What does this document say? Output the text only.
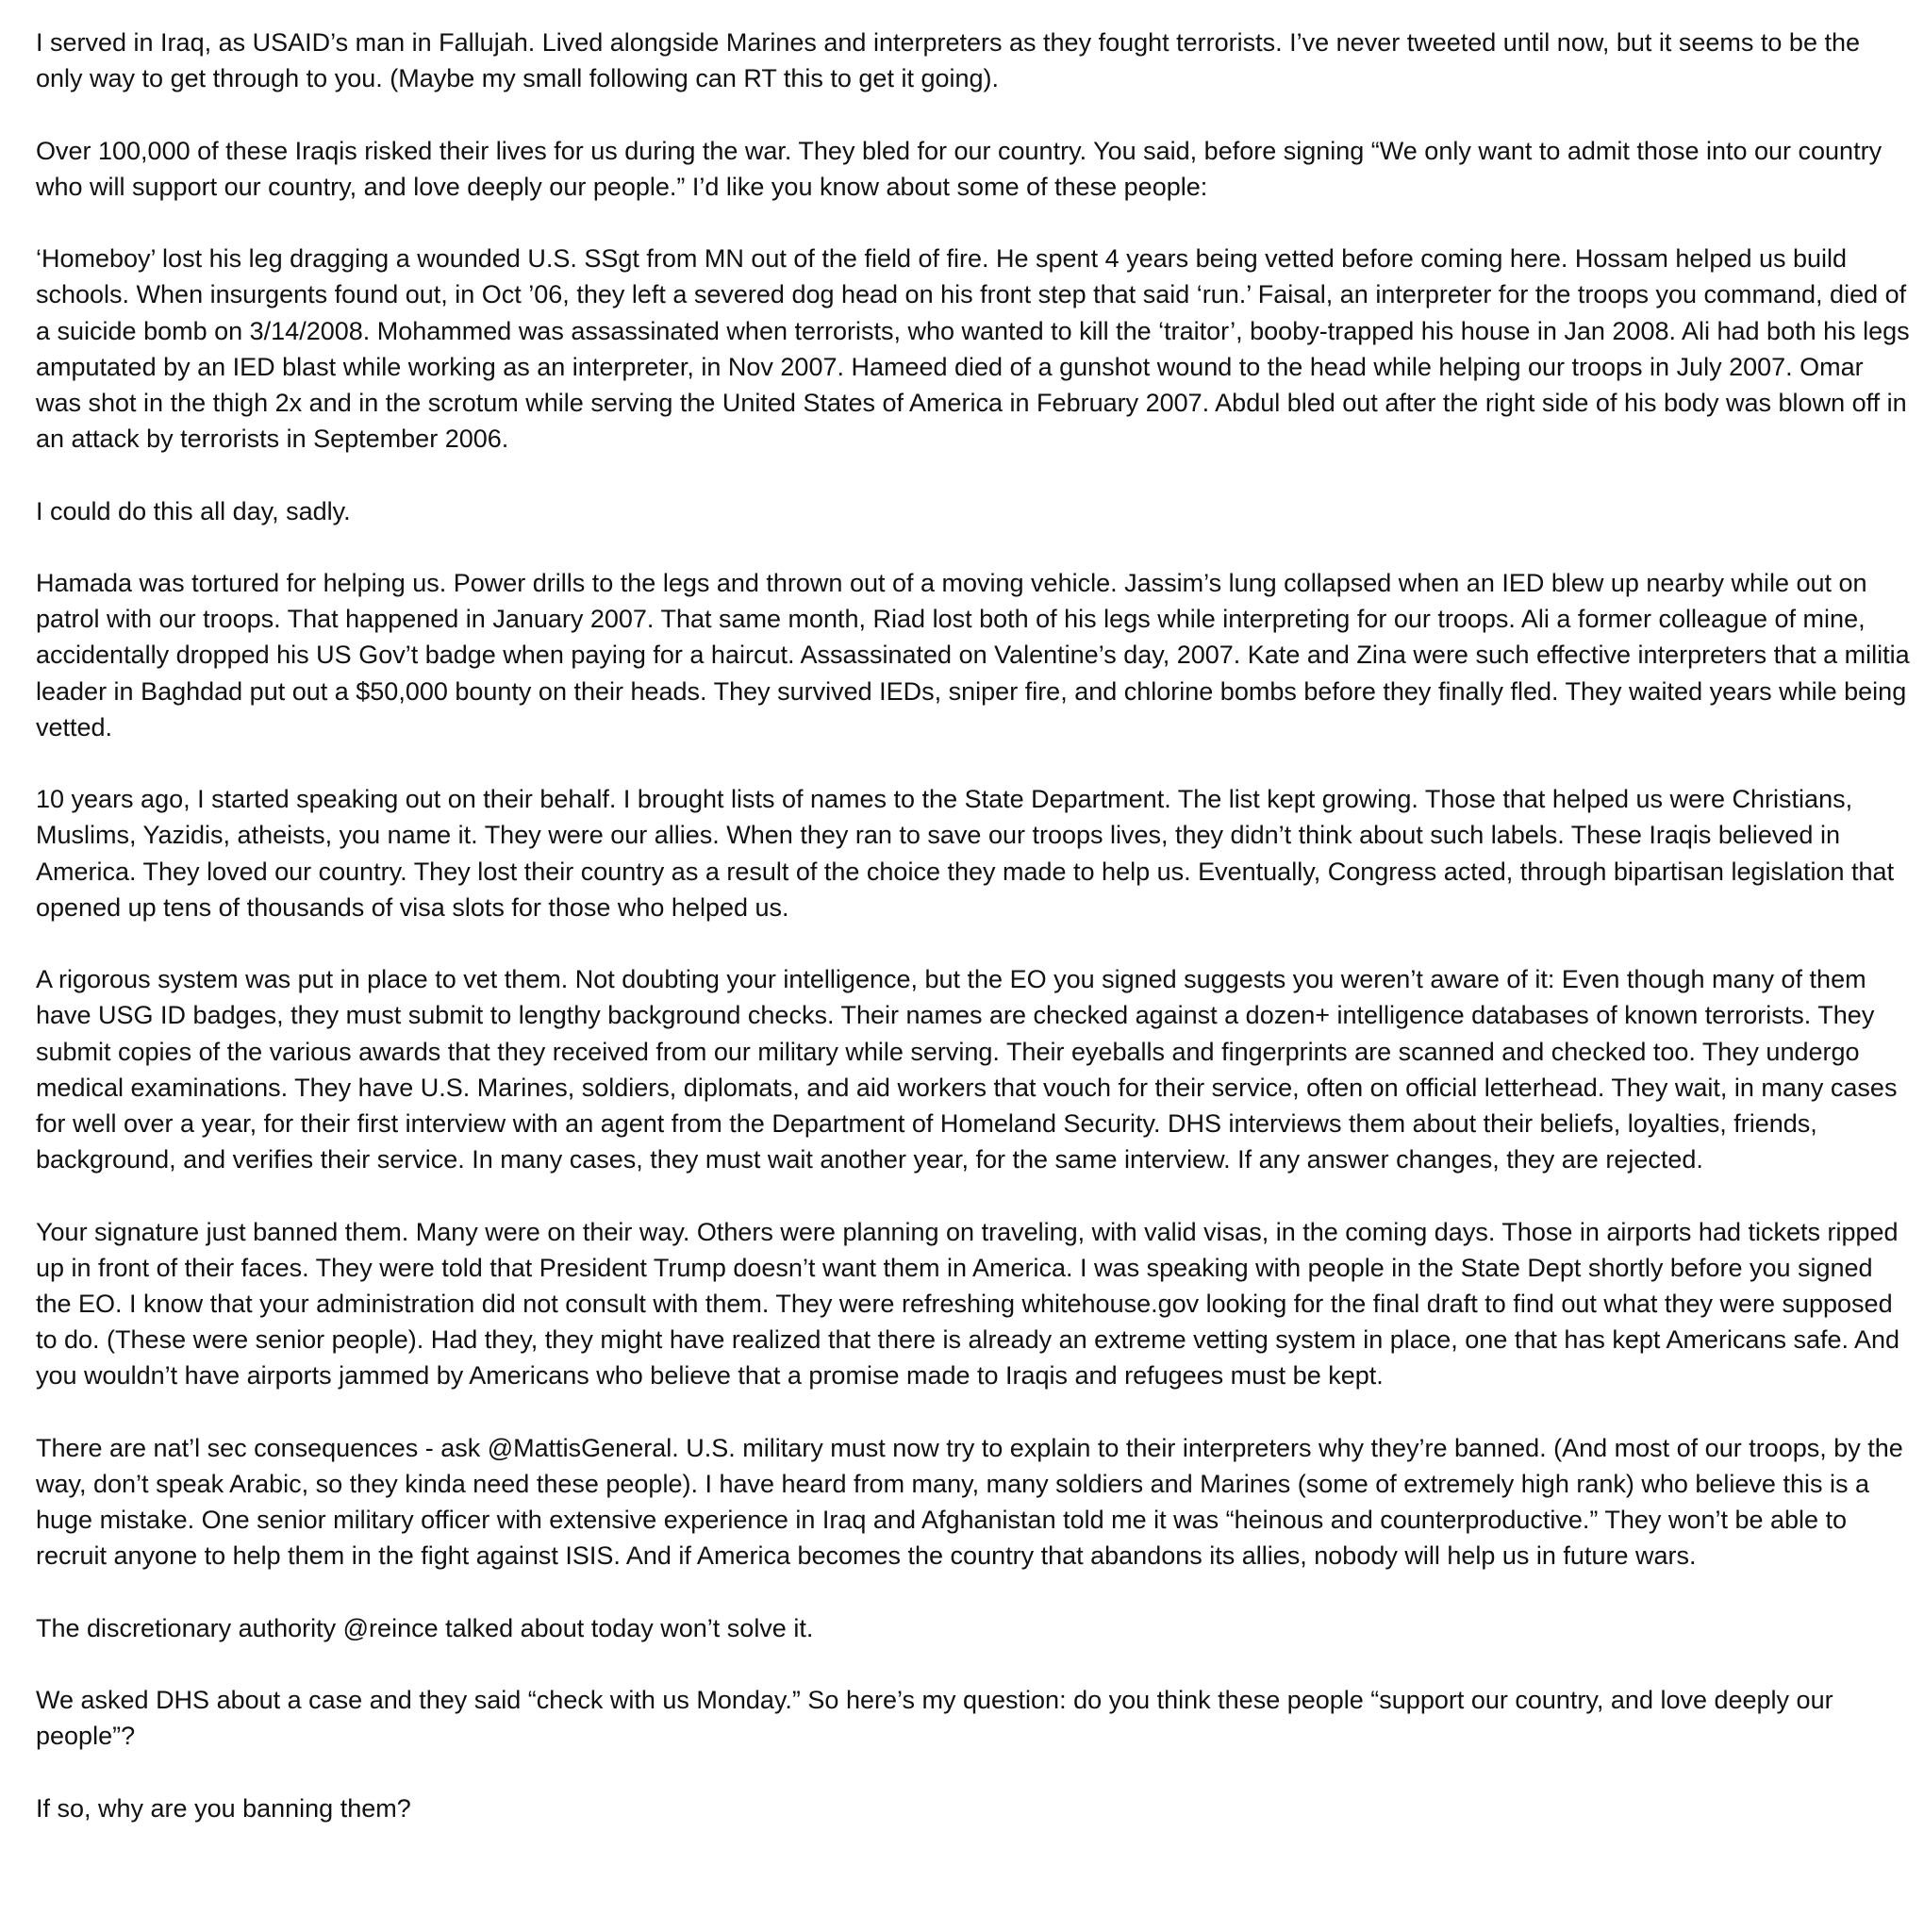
I served in Iraq, as USAID’s man in Fallujah. Lived alongside Marines and interpreters as they fought terrorists. I’ve never tweeted until now, but it seems to be the only way to get through to you. (Maybe my small following can RT this to get it going).

Over 100,000 of these Iraqis risked their lives for us during the war. They bled for our country. You said, before signing “We only want to admit those into our country who will support our country, and love deeply our people.” I’d like you know about some of these people:

‘Homeboy’ lost his leg dragging a wounded U.S. SSgt from MN out of the field of fire. He spent 4 years being vetted before coming here. Hossam helped us build schools. When insurgents found out, in Oct ’06, they left a severed dog head on his front step that said ‘run.’ Faisal, an interpreter for the troops you command, died of a suicide bomb on 3/14/2008. Mohammed was assassinated when terrorists, who wanted to kill the ‘traitor’, booby-trapped his house in Jan 2008. Ali had both his legs amputated by an IED blast while working as an interpreter, in Nov 2007. Hameed died of a gunshot wound to the head while helping our troops in July 2007. Omar was shot in the thigh 2x and in the scrotum while serving the United States of America in February 2007. Abdul bled out after the right side of his body was blown off in an attack by terrorists in September 2006.

I could do this all day, sadly.

Hamada was tortured for helping us. Power drills to the legs and thrown out of a moving vehicle. Jassim’s lung collapsed when an IED blew up nearby while out on patrol with our troops. That happened in January 2007. That same month, Riad lost both of his legs while interpreting for our troops. Ali a former colleague of mine, accidentally dropped his US Gov’t badge when paying for a haircut. Assassinated on Valentine’s day, 2007. Kate and Zina were such effective interpreters that a militia leader in Baghdad put out a $50,000 bounty on their heads. They survived IEDs, sniper fire, and chlorine bombs before they finally fled. They waited years while being vetted.

10 years ago, I started speaking out on their behalf. I brought lists of names to the State Department. The list kept growing. Those that helped us were Christians, Muslims, Yazidis, atheists, you name it. They were our allies. When they ran to save our troops lives, they didn’t think about such labels. These Iraqis believed in America. They loved our country. They lost their country as a result of the choice they made to help us. Eventually, Congress acted, through bipartisan legislation that opened up tens of thousands of visa slots for those who helped us.

A rigorous system was put in place to vet them. Not doubting your intelligence, but the EO you signed suggests you weren’t aware of it: Even though many of them have USG ID badges, they must submit to lengthy background checks. Their names are checked against a dozen+ intelligence databases of known terrorists. They submit copies of the various awards that they received from our military while serving. Their eyeballs and fingerprints are scanned and checked too. They undergo medical examinations. They have U.S. Marines, soldiers, diplomats, and aid workers that vouch for their service, often on official letterhead. They wait, in many cases for well over a year, for their first interview with an agent from the Department of Homeland Security. DHS interviews them about their beliefs, loyalties, friends, background, and verifies their service. In many cases, they must wait another year, for the same interview. If any answer changes, they are rejected.

Your signature just banned them. Many were on their way. Others were planning on traveling, with valid visas, in the coming days. Those in airports had tickets ripped up in front of their faces. They were told that President Trump doesn’t want them in America. I was speaking with people in the State Dept shortly before you signed the EO. I know that your administration did not consult with them. They were refreshing whitehouse.gov looking for the final draft to find out what they were supposed to do. (These were senior people). Had they, they might have realized that there is already an extreme vetting system in place, one that has kept Americans safe. And you wouldn’t have airports jammed by Americans who believe that a promise made to Iraqis and refugees must be kept.

There are nat’l sec consequences - ask @MattisGeneral. U.S. military must now try to explain to their interpreters why they’re banned. (And most of our troops, by the way, don’t speak Arabic, so they kinda need these people). I have heard from many, many soldiers and Marines (some of extremely high rank) who believe this is a huge mistake. One senior military officer with extensive experience in Iraq and Afghanistan told me it was “heinous and counterproductive.” They won’t be able to recruit anyone to help them in the fight against ISIS. And if America becomes the country that abandons its allies, nobody will help us in future wars.

The discretionary authority @reince talked about today won’t solve it.

We asked DHS about a case and they said “check with us Monday.” So here’s my question: do you think these people “support our country, and love deeply our people”?

If so, why are you banning them?
